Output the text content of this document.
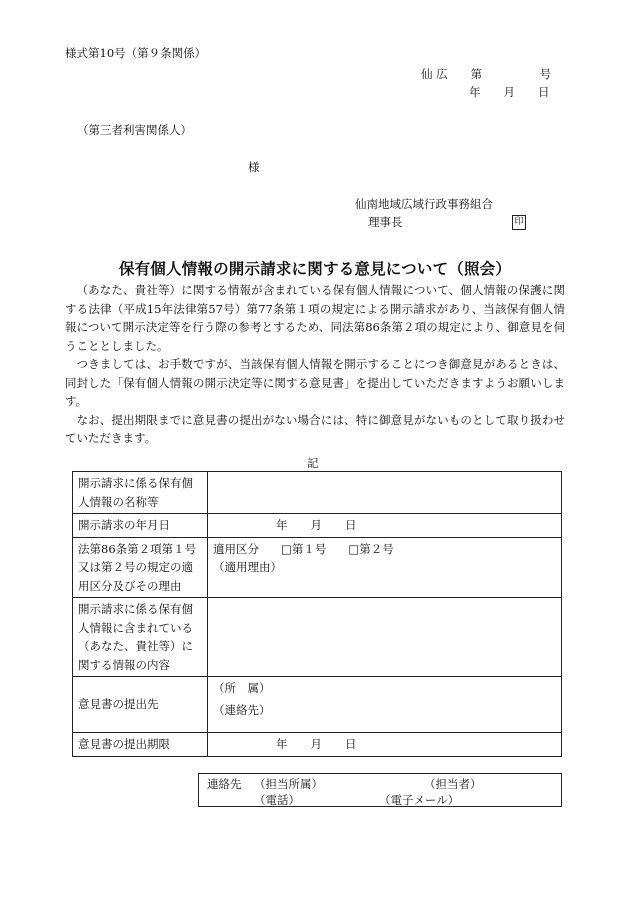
様式第10号（第９条関係）
仙 広　　第　　　　　号
年　　月　　日
（第三者利害関係人）
様
仙南地域広域行政事務組合
理事長	印
保有個人情報の開示請求に関する意見について（照会）

（あなた、貴社等）に関する情報が含まれている保有個人情報について、個人情報の保護に関する法律（平成15年法律第57号）第77条第１項の規定による開示請求があり、当該保有個人情報について開示決定等を行う際の参考とするため、同法第86条第２項の規定により、御意見を伺うこととしました。

つきましては、お手数ですが、当該保有個人情報を開示することにつき御意見があるときは、同封した「保有個人情報の開示決定等に関する意見書」を提出していただきますようお願いします。

なお、提出期限までに意見書の提出がない場合には、特に御意見がないものとして取り扱わせていただきます。

記
開示請求に係る保有個人情報の名称等	
開示請求の年月日	年　　月　　日
法第86条第２項第１号又は第２号の規定の適用区分及びその理由	適用区分 □第１号 □第２号
（適用理由）

開示請求に係る保有個人情報に含まれている（あなた、貴社等）に関する情報の内容	
意見書の提出先	（所　属）
（連絡先）

意見書の提出期限	年　　月　　日
連絡先 （担当所属）	（担当者）
（電話）	（電子メール）
